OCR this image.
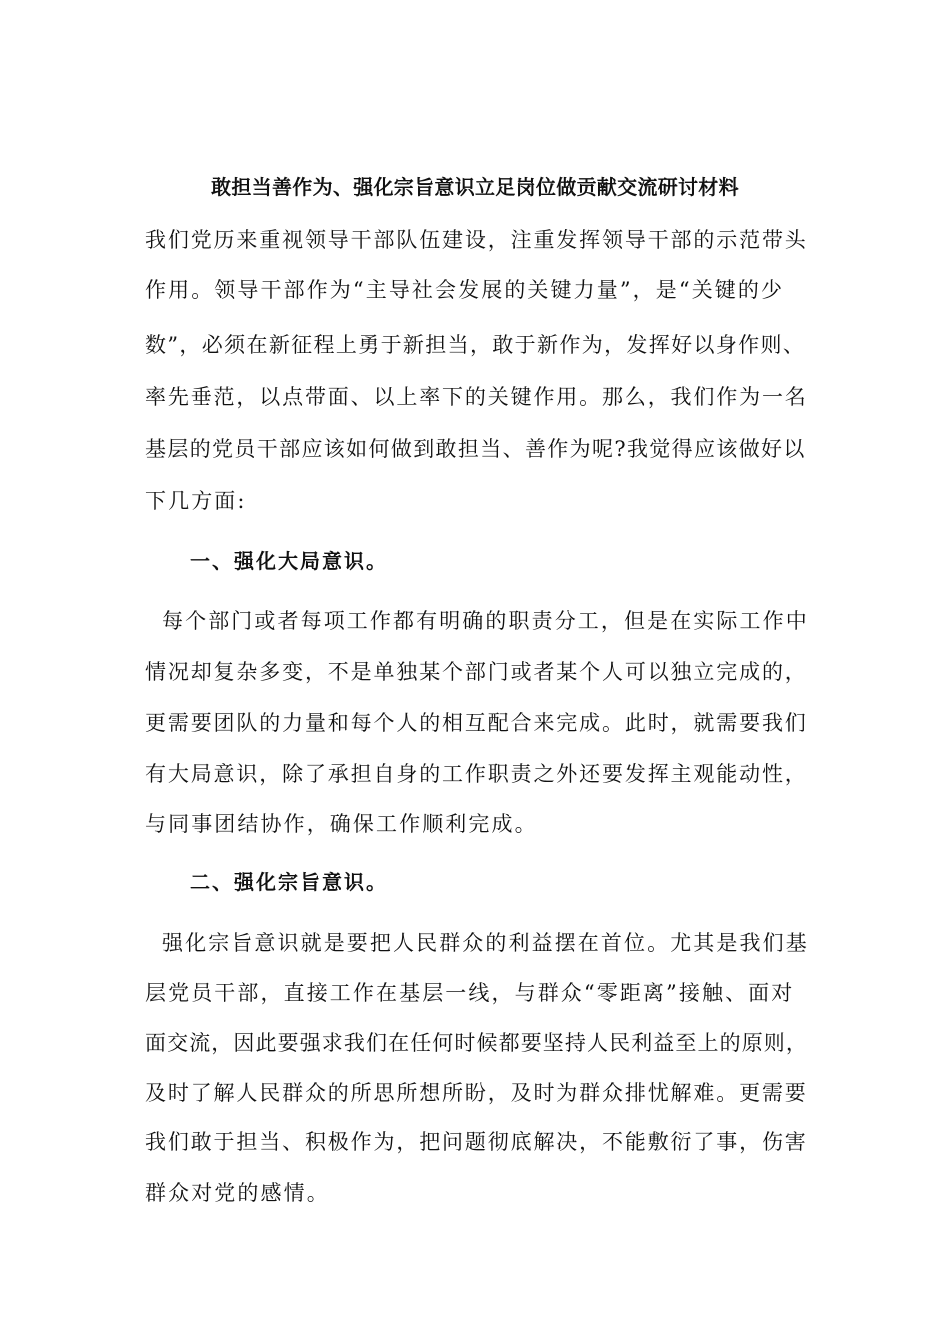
敢担当善作为、强化宗旨意识立足岗位做贡献交流研讨材料
我们党历来重视领导干部队伍建设，注重发挥领导干部的示范带头
作用。领导干部作为“主导社会发展的关键力量”，是“关键的少
数”，必须在新征程上勇于新担当，敢于新作为，发挥好以身作则、
率先垂范，以点带面、以上率下的关键作用。那么，我们作为一名
基层的党员干部应该如何做到敢担当、善作为呢?我觉得应该做好以
下几方面:
一、强化大局意识。
每个部门或者每项工作都有明确的职责分工，但是在实际工作中
情况却复杂多变，不是单独某个部门或者某个人可以独立完成的，
更需要团队的力量和每个人的相互配合来完成。此时，就需要我们
有大局意识，除了承担自身的工作职责之外还要发挥主观能动性，
与同事团结协作，确保工作顺利完成。
二、强化宗旨意识。
强化宗旨意识就是要把人民群众的利益摆在首位。尤其是我们基
层党员干部，直接工作在基层一线，与群众“零距离”接触、面对
面交流，因此要强求我们在任何时候都要坚持人民利益至上的原则，
及时了解人民群众的所思所想所盼，及时为群众排忧解难。更需要
我们敢于担当、积极作为，把问题彻底解决，不能敷衍了事，伤害
群众对党的感情。
